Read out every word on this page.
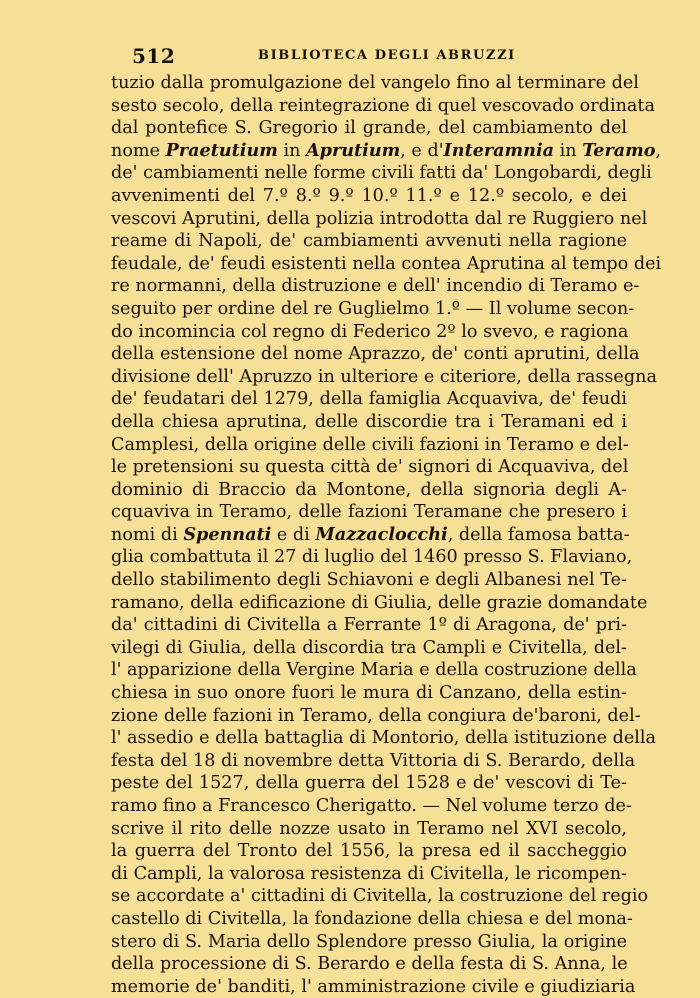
512	BIBLIOTECA DEGLI ABRUZZI
tuzio dalla promulgazione del vangelo fino al terminare del
sesto secolo, della reintegrazione di quel vescovado ordinata
dal pontefice S. Gregorio il grande, del cambiamento del
nome Praetutium in Aprutium, e d'Interamnia in Teramo,
de' cambiamenti nelle forme civili fatti da' Longobardi, degli
avvenimenti del 7.º 8.º 9.º 10.º 11.º e 12.º secolo, e dei
vescovi Aprutini, della polizia introdotta dal re Ruggiero nel
reame di Napoli, de' cambiamenti avvenuti nella ragione
feudale, de' feudi esistenti nella contea Aprutina al tempo dei
re normanni, della distruzione e dell' incendio di Teramo e-
seguito per ordine del re Guglielmo 1.º — Il volume secon-
do incomincia col regno di Federico 2º lo svevo, e ragiona
della estensione del nome Aprazzo, de' conti aprutini, della
divisione dell' Apruzzo in ulteriore e citeriore, della rassegna
de' feudatari del 1279, della famiglia Acquaviva, de' feudi
della chiesa aprutina, delle discordie tra i Teramani ed i
Camplesi, della origine delle civili fazioni in Teramo e del-
le pretensioni su questa città de' signori di Acquaviva, del
dominio di Braccio da Montone, della signoria degli A-
cquaviva in Teramo, delle fazioni Teramane che presero i
nomi di Spennati e di Mazzaclocchi, della famosa batta-
glia combattuta il 27 di luglio del 1460 presso S. Flaviano,
dello stabilimento degli Schiavoni e degli Albanesi nel Te-
ramano, della edificazione di Giulia, delle grazie domandate
da' cittadini di Civitella a Ferrante 1º di Aragona, de' pri-
vilegi di Giulia, della discordia tra Campli e Civitella, del-
l' apparizione della Vergine Maria e della costruzione della
chiesa in suo onore fuori le mura di Canzano, della estin-
zione delle fazioni in Teramo, della congiura de'baroni, del-
l' assedio e della battaglia di Montorio, della istituzione della
festa del 18 di novembre detta Vittoria di S. Berardo, della
peste del 1527, della guerra del 1528 e de' vescovi di Te-
ramo fino a Francesco Cherigatto. — Nel volume terzo de-
scrive il rito delle nozze usato in Teramo nel XVI secolo,
la guerra del Tronto del 1556, la presa ed il saccheggio
di Campli, la valorosa resistenza di Civitella, le ricompen-
se accordate a' cittadini di Civitella, la costruzione del regio
castello di Civitella, la fondazione della chiesa e del mona-
stero di S. Maria dello Splendore presso Giulia, la origine
della processione di S. Berardo e della festa di S. Anna, le
memorie de' banditi, l' amministrazione civile e giudiziaria
